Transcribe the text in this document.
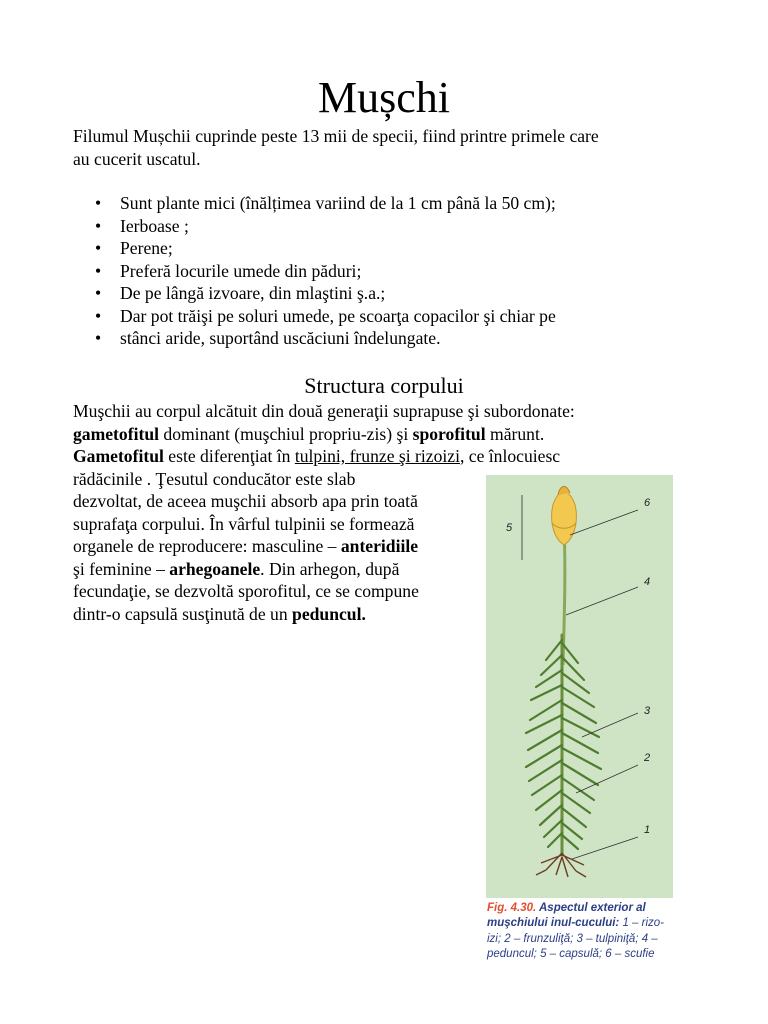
Mușchi

Filumul Mușchii cuprinde peste 13 mii de specii, fiind printre primele care
au cucerit uscatul.

• Sunt plante mici (înălțimea variind de la 1 cm până la 50 cm);
• Ierboase ;
• Perene;
• Preferă locurile umede din păduri;
• De pe lângă izvoare, din mlaştini ş.a.;
• Dar pot trăişi pe soluri umede, pe scoarţa copacilor şi chiar pe
• stânci aride, suportând uscăciuni îndelungate.
Structura corpului

Muşchii au corpul alcătuit din două generaţii suprapuse şi subordonate:

gametofitul dominant (muşchiul propriu-zis) şi sporofitul mărunt.

Gametofitul este diferenţiat în tulpini, frunze şi rizoizi, ce înlocuiesc

rădăcinile . Ţesutul conducător este slab

dezvoltat, de aceea muşchii absorb apa prin toată

suprafaţa corpului. În vârful tulpinii se formează

organele de reproducere: masculine – anteridiile

şi feminine – arhegoanele. Din arhegon, după

fecundaţie, se dezvoltă sporofitul, ce se compune

dintr-o capsulă susţinută de un peduncul.

6
5
4
3
2
1

Fig. 4.30. Aspectul exterior al
muşchiului inul-cucului: 1 – rizo-
izi; 2 – frunzuliţă; 3 – tulpiniţă; 4 –
peduncul; 5 – capsulă; 6 – scufie
